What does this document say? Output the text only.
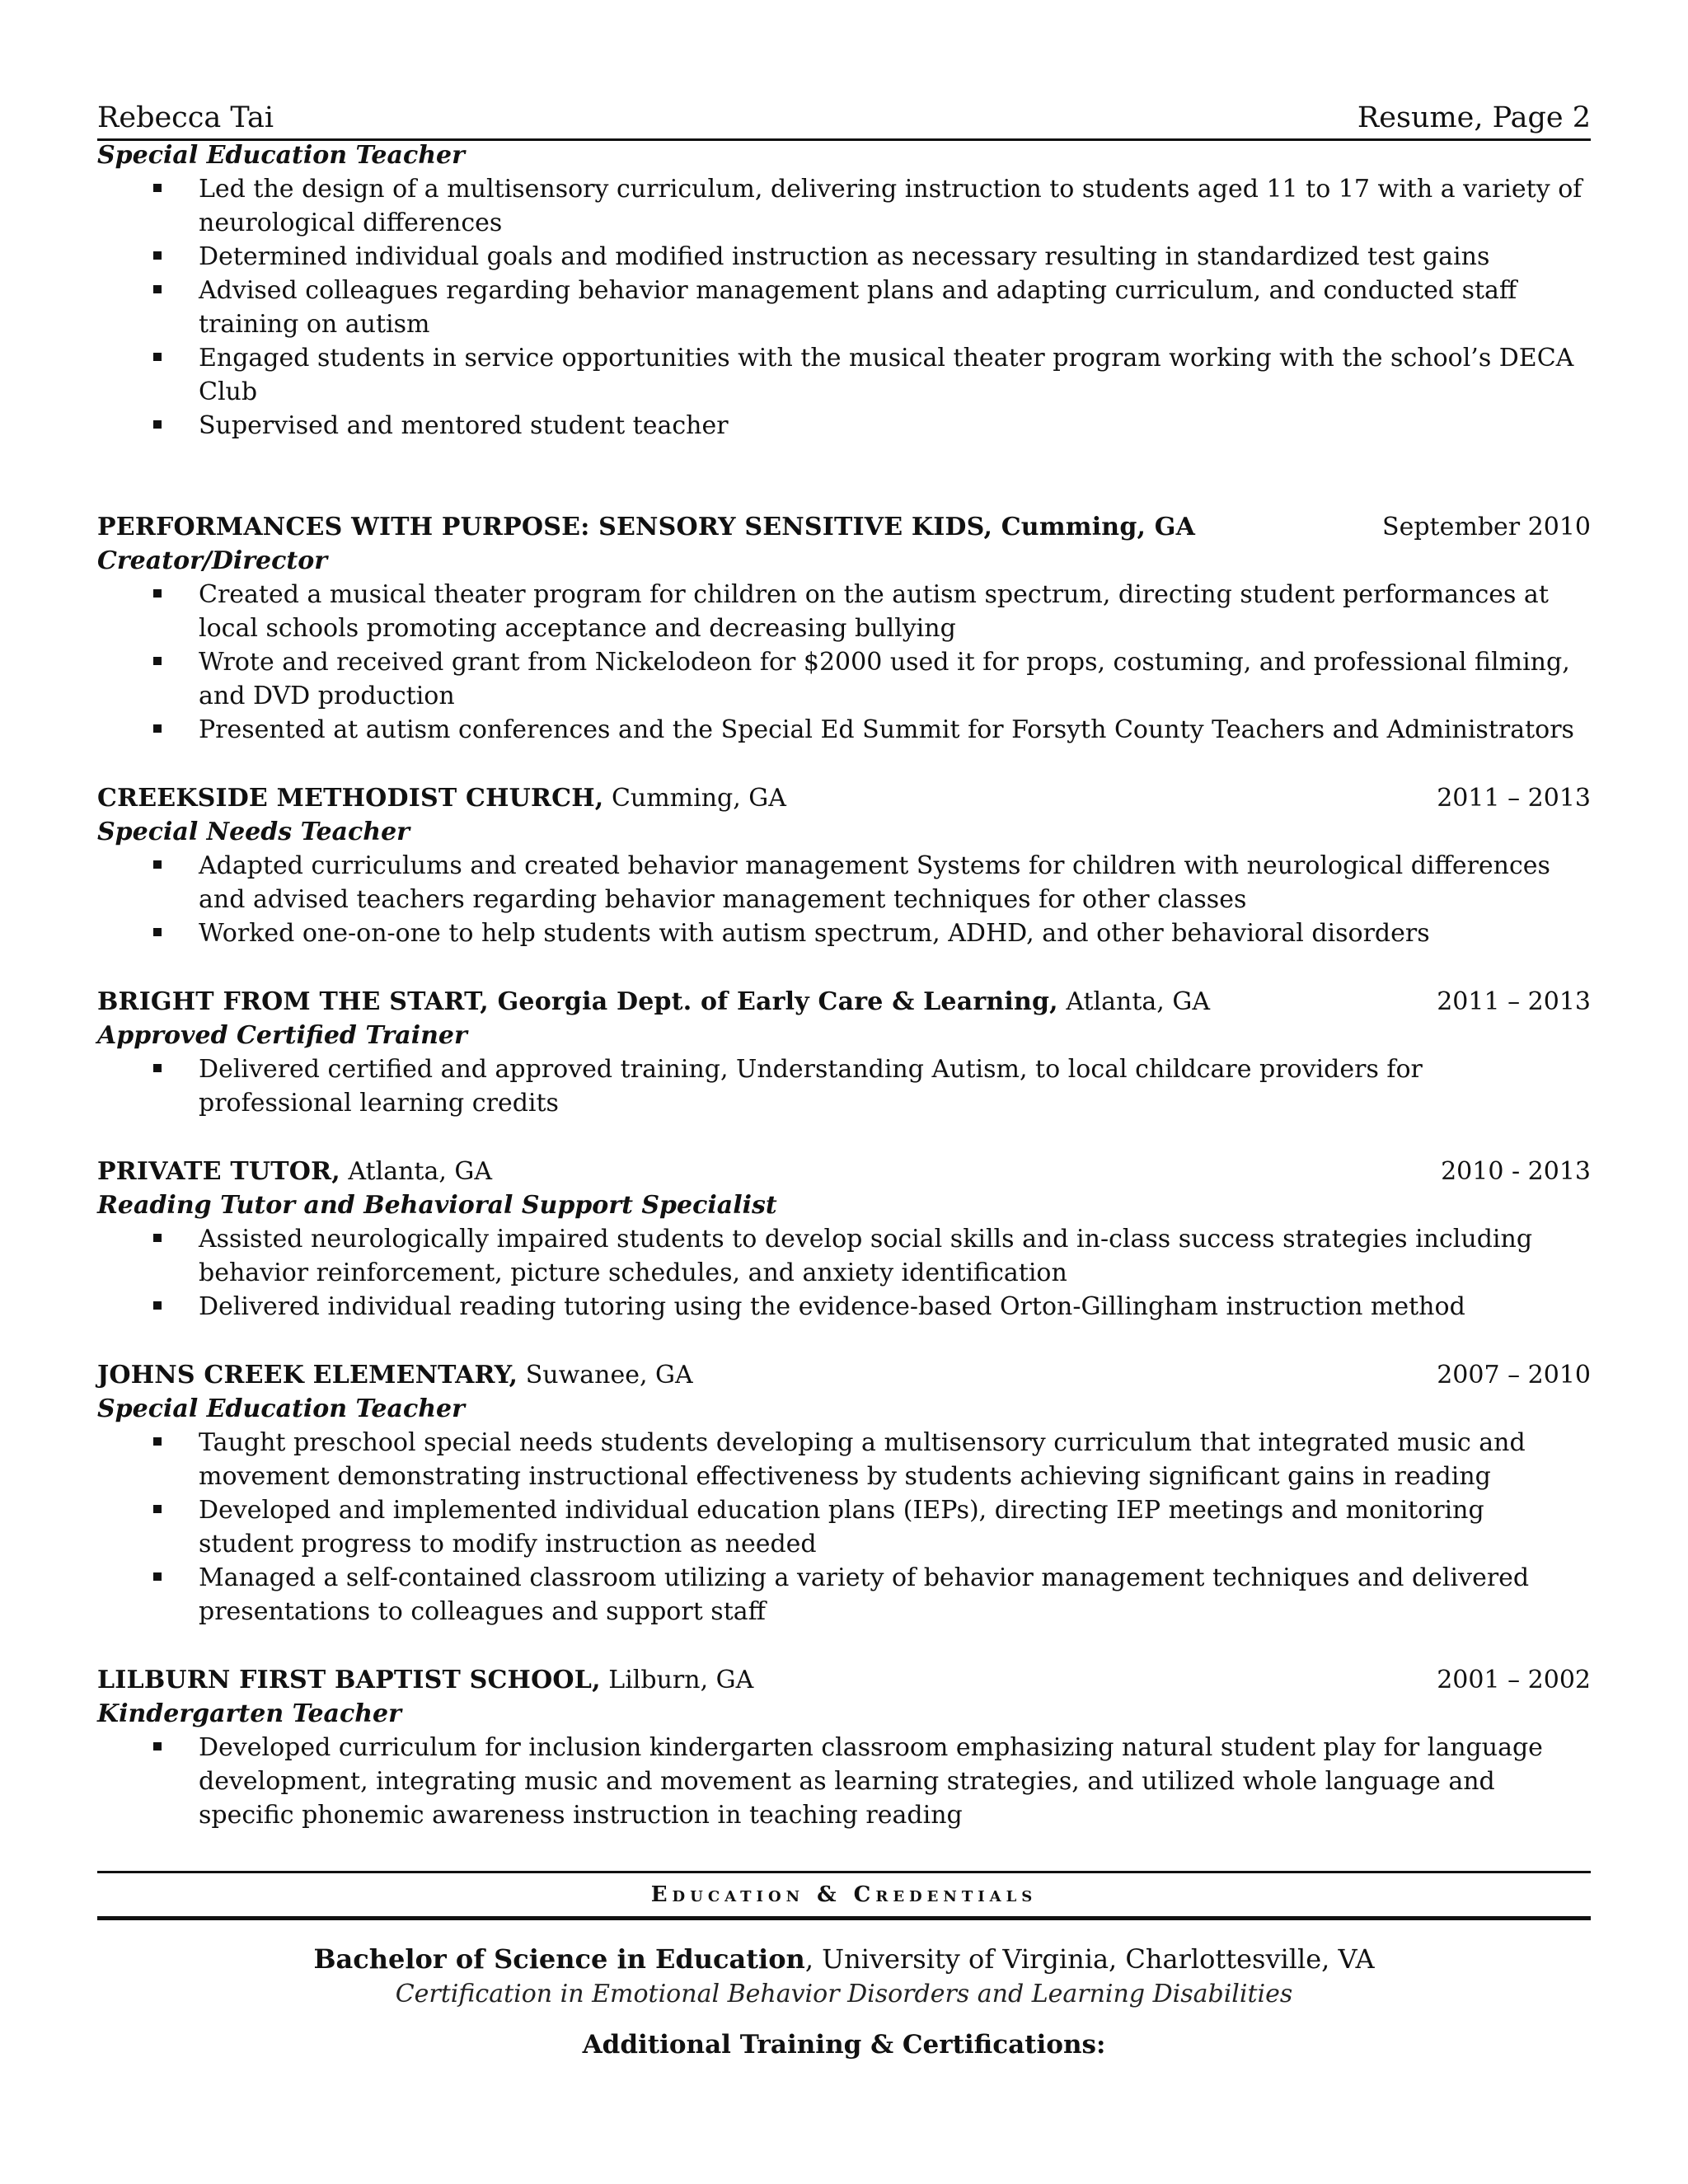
Rebecca Tai	Resume, Page 2
Special Education Teacher
Led the design of a multisensory curriculum, delivering instruction to students aged 11 to 17 with a variety of neurological differences
Determined individual goals and modified instruction as necessary resulting in standardized test gains
Advised colleagues regarding behavior management plans and adapting curriculum, and conducted staff training on autism
Engaged students in service opportunities with the musical theater program working with the school’s DECA Club
Supervised and mentored student teacher
PERFORMANCES WITH PURPOSE: SENSORY SENSITIVE KIDS, Cumming, GA	September 2010
Creator/Director
Created a musical theater program for children on the autism spectrum, directing student performances at local schools promoting acceptance and decreasing bullying
Wrote and received grant from Nickelodeon for $2000 used it for props, costuming, and professional filming, and DVD production
Presented at autism conferences and the Special Ed Summit for Forsyth County Teachers and Administrators
CREEKSIDE METHODIST CHURCH, Cumming, GA	2011 – 2013
Special Needs Teacher
Adapted curriculums and created behavior management Systems for children with neurological differences and advised teachers regarding behavior management techniques for other classes
Worked one-on-one to help students with autism spectrum, ADHD, and other behavioral disorders
BRIGHT FROM THE START, Georgia Dept. of Early Care & Learning, Atlanta, GA	2011 – 2013
Approved Certified Trainer
Delivered certified and approved training, Understanding Autism, to local childcare providers for professional learning credits
PRIVATE TUTOR, Atlanta, GA	2010 - 2013
Reading Tutor and Behavioral Support Specialist
Assisted neurologically impaired students to develop social skills and in-class success strategies including behavior reinforcement, picture schedules, and anxiety identification
Delivered individual reading tutoring using the evidence-based Orton-Gillingham instruction method
JOHNS CREEK ELEMENTARY, Suwanee, GA	2007 – 2010
Special Education Teacher
Taught preschool special needs students developing a multisensory curriculum that integrated music and movement demonstrating instructional effectiveness by students achieving significant gains in reading
Developed and implemented individual education plans (IEPs), directing IEP meetings and monitoring student progress to modify instruction as needed
Managed a self-contained classroom utilizing a variety of behavior management techniques and delivered presentations to colleagues and support staff
LILBURN FIRST BAPTIST SCHOOL, Lilburn, GA	2001 – 2002
Kindergarten Teacher
Developed curriculum for inclusion kindergarten classroom emphasizing natural student play for language development, integrating music and movement as learning strategies, and utilized whole language and specific phonemic awareness instruction in teaching reading
Education & Credentials
Bachelor of Science in Education, University of Virginia, Charlottesville, VA
Certification in Emotional Behavior Disorders and Learning Disabilities
Additional Training & Certifications:
